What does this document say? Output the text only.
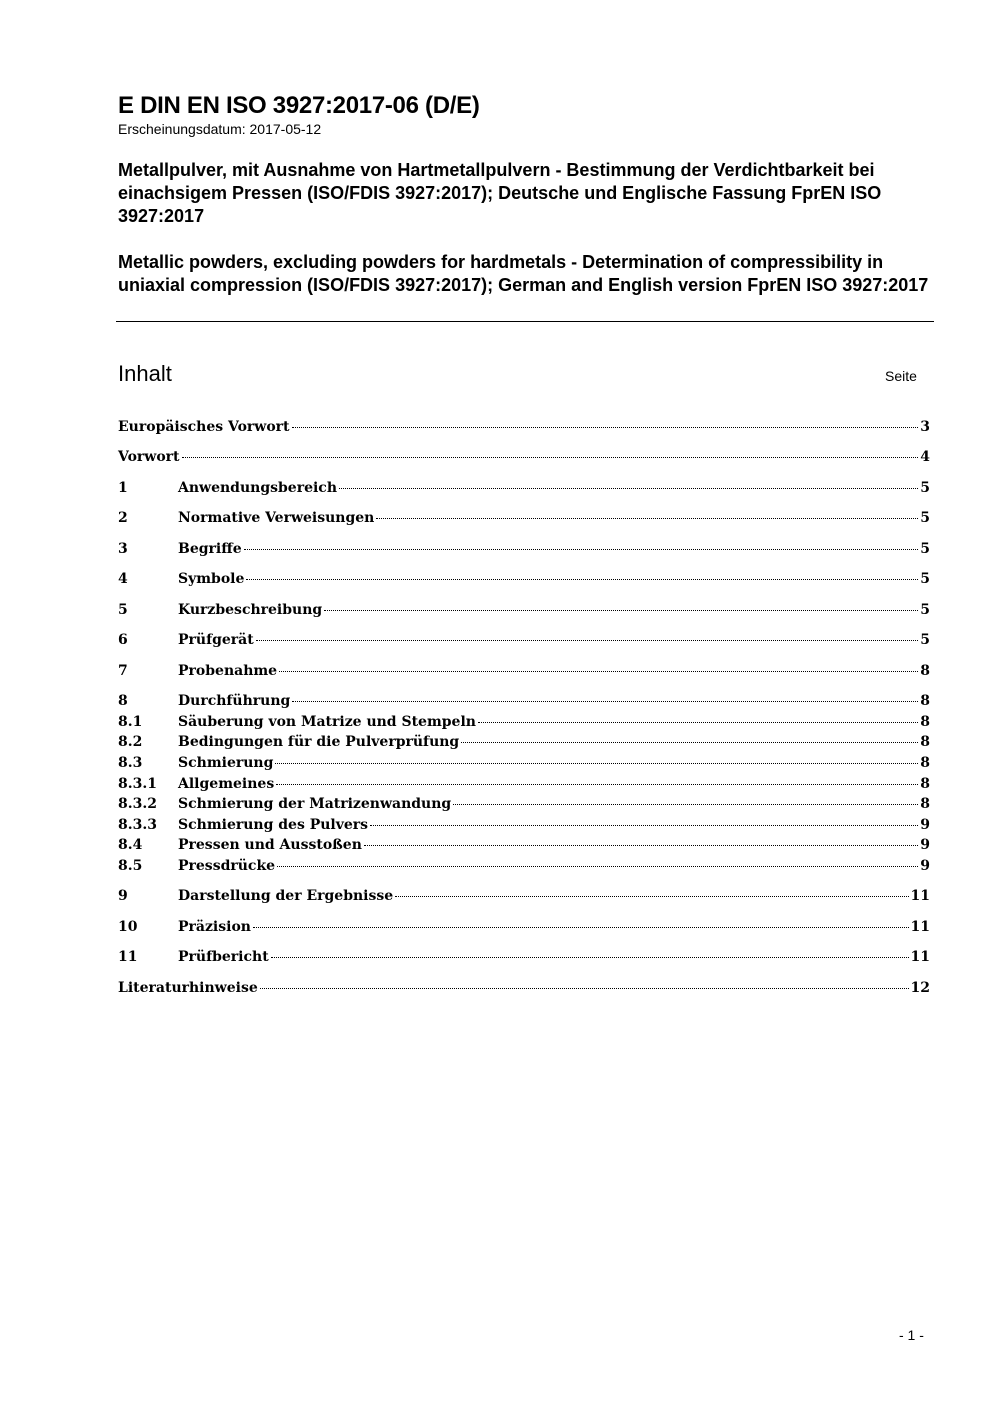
E DIN EN ISO 3927:2017-06 (D/E)
Erscheinungsdatum: 2017-05-12
Metallpulver, mit Ausnahme von Hartmetallpulvern - Bestimmung der Verdichtbarkeit bei einachsigem Pressen (ISO/FDIS 3927:2017); Deutsche und Englische Fassung FprEN ISO 3927:2017
Metallic powders, excluding powders for hardmetals - Determination of compressibility in uniaxial compression (ISO/FDIS 3927:2017); German and English version FprEN ISO 3927:2017
Inhalt	Seite
Europäisches Vorwort	3
Vorwort	4
1	Anwendungsbereich	5
2	Normative Verweisungen	5
3	Begriffe	5
4	Symbole	5
5	Kurzbeschreibung	5
6	Prüfgerät	5
7	Probenahme	8
8	Durchführung	8
8.1	Säuberung von Matrize und Stempeln	8
8.2	Bedingungen für die Pulverprüfung	8
8.3	Schmierung	8
8.3.1	Allgemeines	8
8.3.2	Schmierung der Matrizenwandung	8
8.3.3	Schmierung des Pulvers	9
8.4	Pressen und Ausstoßen	9
8.5	Pressdrücke	9
9	Darstellung der Ergebnisse	11
10	Präzision	11
11	Prüfbericht	11
Literaturhinweise	12
- 1 -
